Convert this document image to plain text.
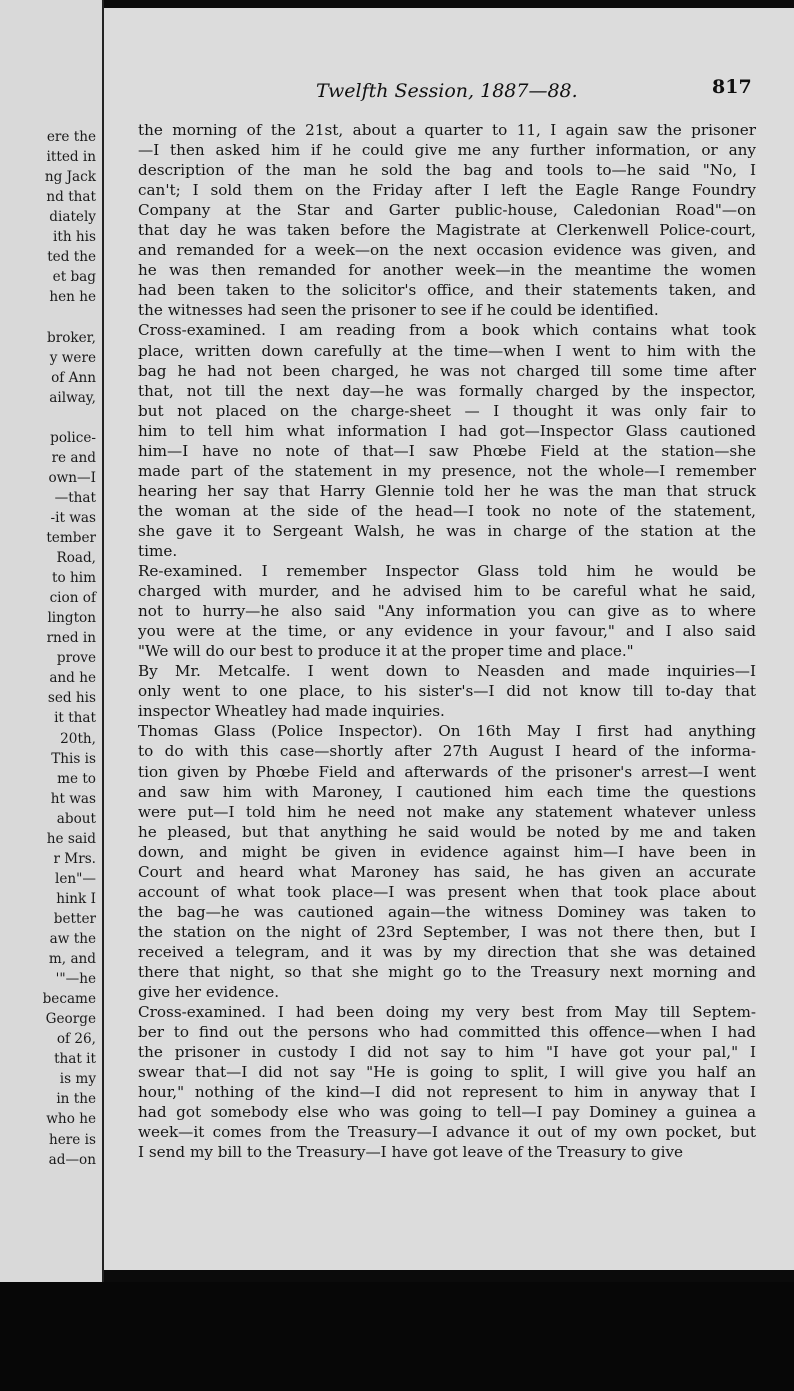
ere the
itted in
ng Jack
nd that
diately
ith his
ted the
et bag
hen he
broker,
y were
of Ann
ailway,
police-
re and
own—I
—that
-it was
tember
Road,
to him
cion of
lington
rned in
prove
and he
sed his
it that
20th,
This is
me to
ht was
about
he said
r Mrs.
len"—
hink I
better
aw the
m, and
'"—he
became
George
of 26,
that it
is my
in the
who he
here is
ad—on
Twelfth Session, 1887—88.	817
the morning of the 21st, about a quarter to 11, I again saw the prisoner
—I then asked him if he could give me any further information, or any
description of the man he sold the bag and tools to—he said "No, I
can't; I sold them on the Friday after I left the Eagle Range Foundry
Company at the Star and Garter public-house, Caledonian Road"—on
that day he was taken before the Magistrate at Clerkenwell Police-court,
and remanded for a week—on the next occasion evidence was given, and
he was then remanded for another week—in the meantime the women
had been taken to the solicitor's office, and their statements taken, and
the witnesses had seen the prisoner to see if he could be identified.
Cross-examined. I am reading from a book which contains what took
place, written down carefully at the time—when I went to him with the
bag he had not been charged, he was not charged till some time after
that, not till the next day—he was formally charged by the inspector,
but not placed on the charge-sheet — I thought it was only fair to
him to tell him what information I had got—Inspector Glass cautioned
him—I have no note of that—I saw Phœbe Field at the station—she
made part of the statement in my presence, not the whole—I remember
hearing her say that Harry Glennie told her he was the man that struck
the woman at the side of the head—I took no note of the statement,
she gave it to Sergeant Walsh, he was in charge of the station at the
time.
Re-examined. I remember Inspector Glass told him he would be
charged with murder, and he advised him to be careful what he said,
not to hurry—he also said "Any information you can give as to where
you were at the time, or any evidence in your favour," and I also said
"We will do our best to produce it at the proper time and place."
By Mr. Metcalfe. I went down to Neasden and made inquiries—I
only went to one place, to his sister's—I did not know till to-day that
inspector Wheatley had made inquiries.
Thomas Glass (Police Inspector). On 16th May I first had anything
to do with this case—shortly after 27th August I heard of the informa-
tion given by Phœbe Field and afterwards of the prisoner's arrest—I went
and saw him with Maroney, I cautioned him each time the questions
were put—I told him he need not make any statement whatever unless
he pleased, but that anything he said would be noted by me and taken
down, and might be given in evidence against him—I have been in
Court and heard what Maroney has said, he has given an accurate
account of what took place—I was present when that took place about
the bag—he was cautioned again—the witness Dominey was taken to
the station on the night of 23rd September, I was not there then, but I
received a telegram, and it was by my direction that she was detained
there that night, so that she might go to the Treasury next morning and
give her evidence.
Cross-examined. I had been doing my very best from May till Septem-
ber to find out the persons who had committed this offence—when I had
the prisoner in custody I did not say to him "I have got your pal," I
swear that—I did not say "He is going to split, I will give you half an
hour," nothing of the kind—I did not represent to him in anyway that I
had got somebody else who was going to tell—I pay Dominey a guinea a
week—it comes from the Treasury—I advance it out of my own pocket, but
I send my bill to the Treasury—I have got leave of the Treasury to give
